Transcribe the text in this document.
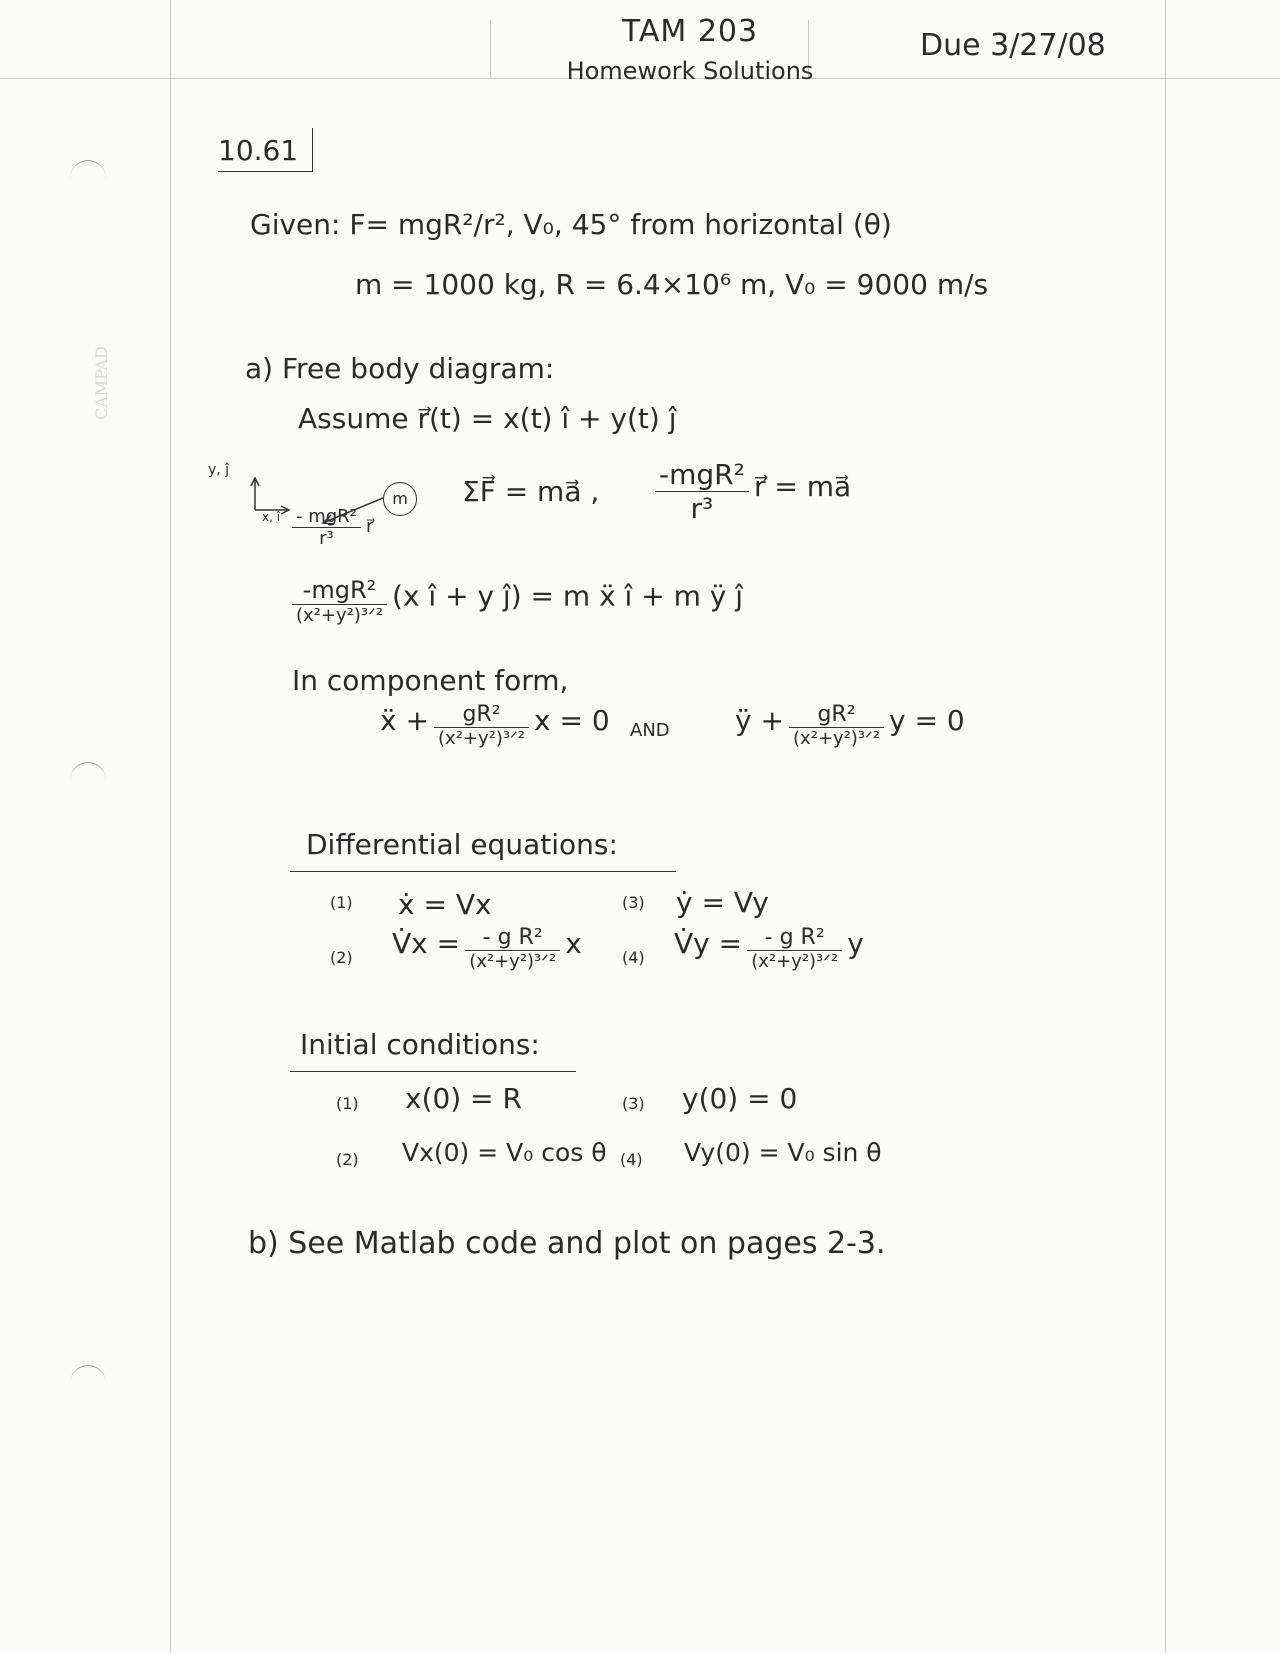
CAMPAD
TAM 203
Homework Solutions
Due 3/27/08
10.61
Given: F= mgR²/r², V₀, 45° from horizontal (θ)
m = 1000 kg, R = 6.4×10⁶ m, V₀ = 9000 m/s
a) Free body diagram:
Assume r⃗(t) = x(t) î + y(t) ĵ
y, ĵ
x, î
m
$\frac{\text{- mgR²}}{\text{r³}}$ r⃗
ΣF⃗ = ma⃗ , $\frac{\text{-mgR²}}{\text{r³}}$ r⃗ = ma⃗
$\frac{\text{-mgR²}}{\text{(x²+y²)³ᐟ²}} (x$ î + y ĵ) = m ẍ î + m ÿ ĵ
In component form,
ẍ + $\frac{\text{gR²}}{\text{(x²+y²)³ᐟ²}}$ x = 0 AND ÿ + $\frac{\text{gR²}}{\text{(x²+y²)³ᐟ²}}$ y = 0
Differential equations:
(1) ẋ = Vx	(3) ẏ = Vy
(2) V̇x = $\frac{\text{- g R²}}{\text{(x²+y²)³ᐟ²}}$ x	(4) V̇y = $\frac{\text{- g R²}}{\text{(x²+y²)³ᐟ²}}$ y
Initial conditions:
(1) x(0) = R	(3) y(0) = 0
(2) Vx(0) = V₀ cos θ (4) Vy(0) = V₀ sin θ
b) See Matlab code and plot on pages 2-3.
